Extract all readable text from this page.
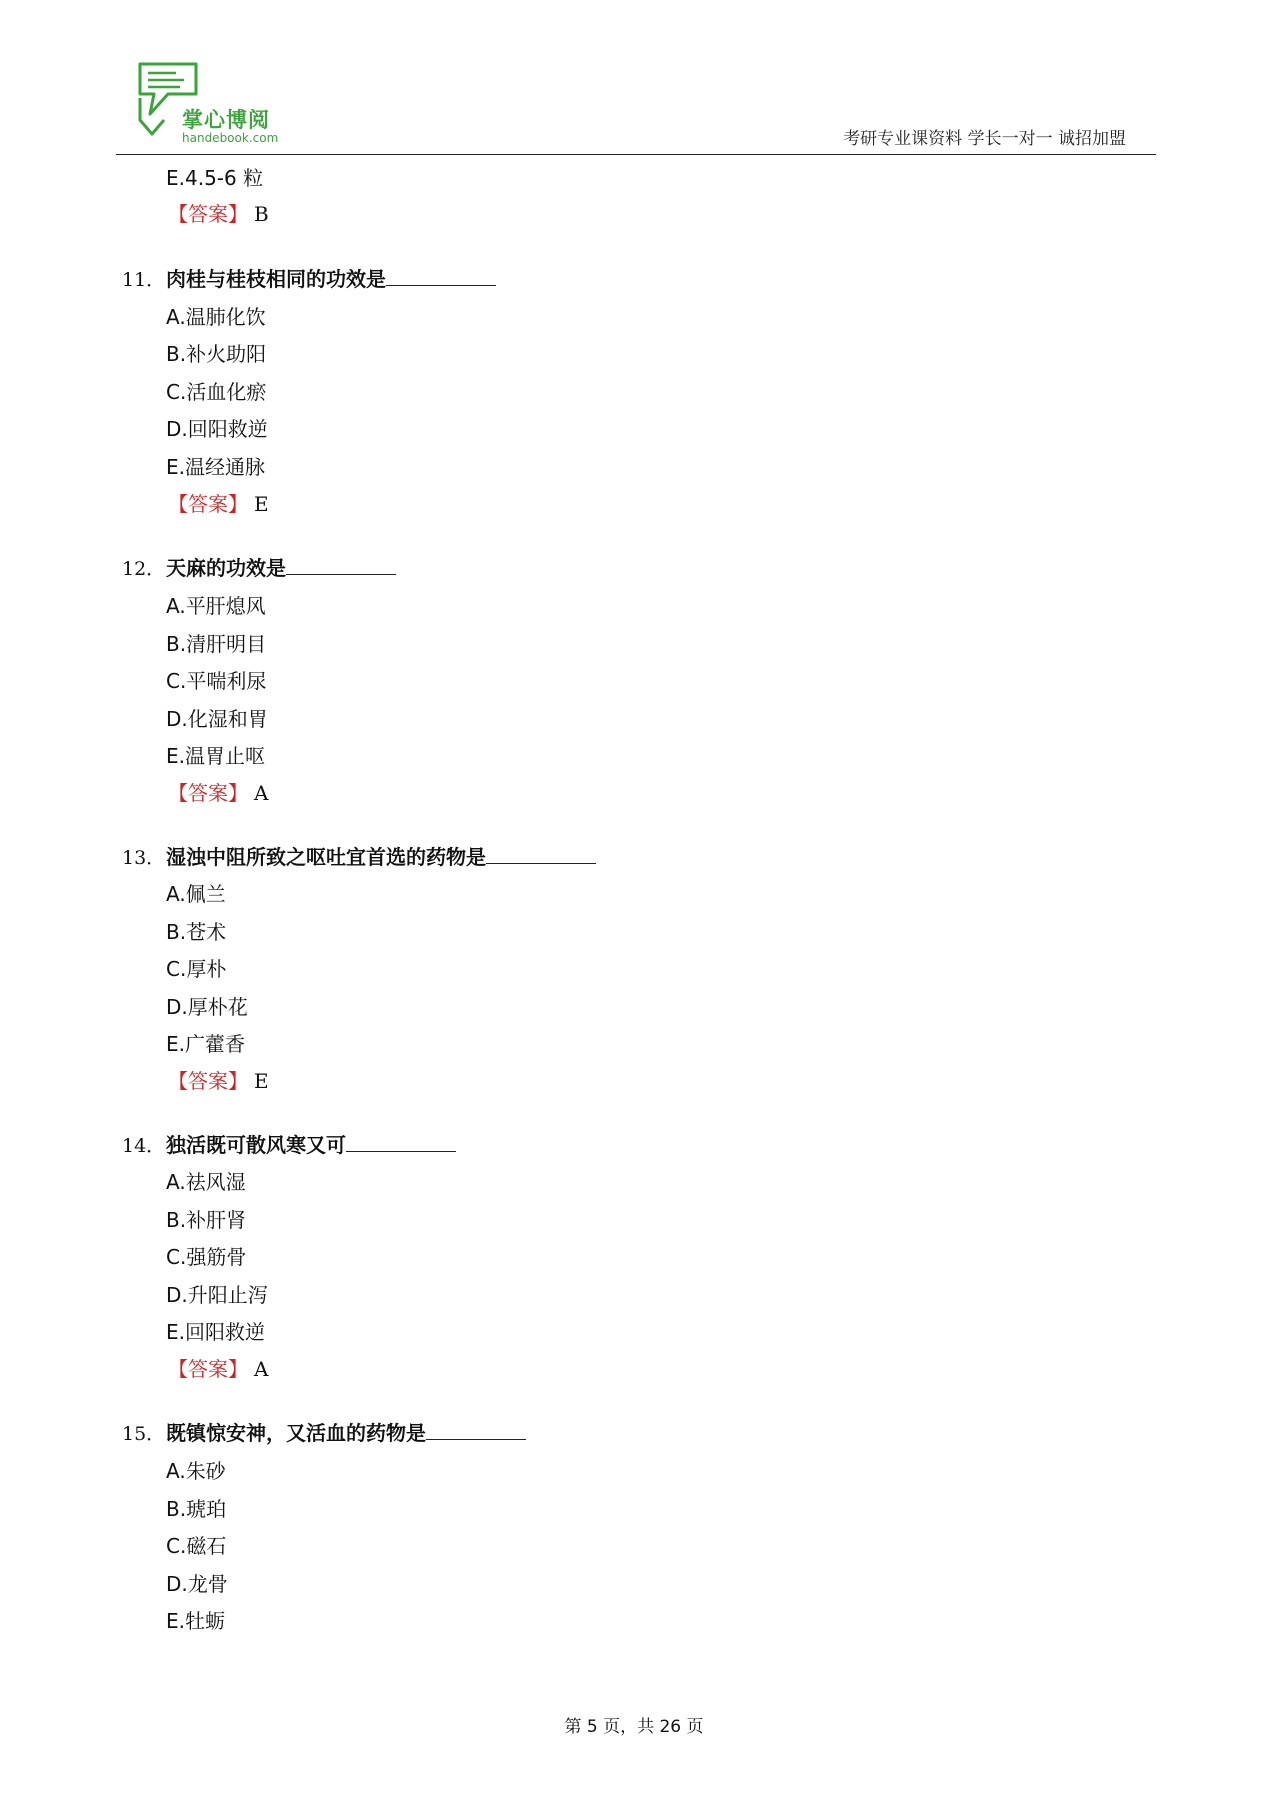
掌心博阅
handebook.com	考研专业课资料 学长一对一 诚招加盟
E.4.5-6 粒
【答案】 B
11．肉桂与桂枝相同的功效是
A.温肺化饮
B.补火助阳
C.活血化瘀
D.回阳救逆
E.温经通脉
【答案】 E
12．天麻的功效是
A.平肝熄风
B.清肝明目
C.平喘利尿
D.化湿和胃
E.温胃止呕
【答案】 A
13．湿浊中阻所致之呕吐宜首选的药物是
A.佩兰
B.苍术
C.厚朴
D.厚朴花
E.广藿香
【答案】 E
14．独活既可散风寒又可
A.祛风湿
B.补肝肾
C.强筋骨
D.升阳止泻
E.回阳救逆
【答案】 A
15．既镇惊安神，又活血的药物是
A.朱砂
B.琥珀
C.磁石
D.龙骨
E.牡蛎
第 5 页，共 26 页
